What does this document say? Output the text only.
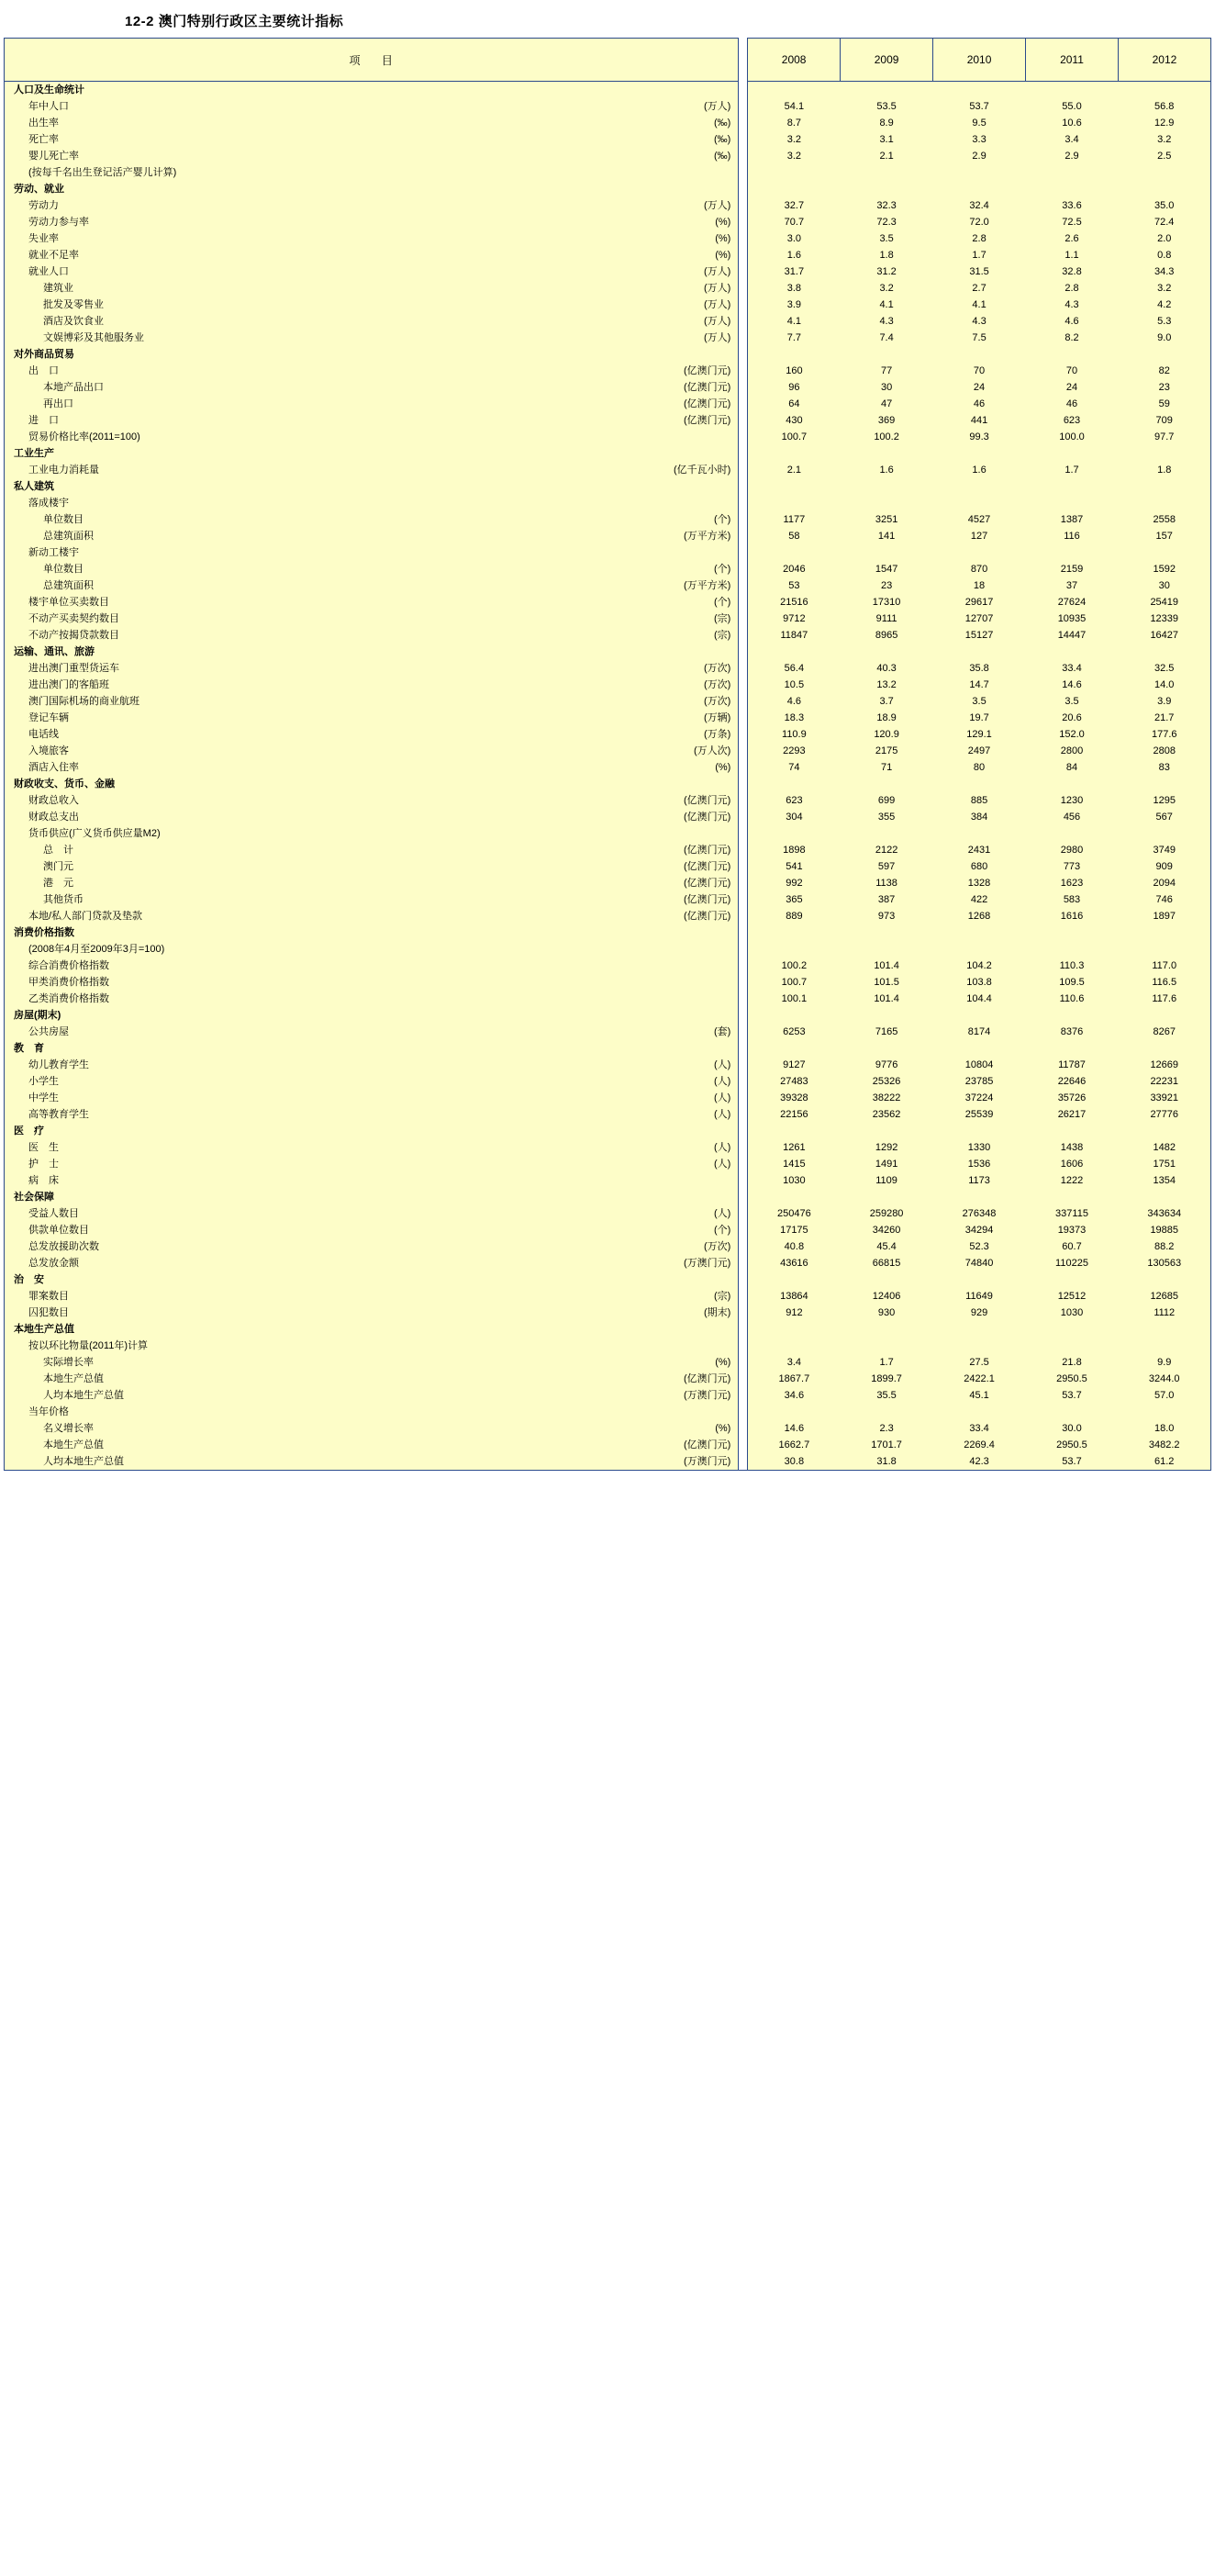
12-2 澳门特别行政区主要统计指标
项 目			2008	2009	2010	2011	2012
人口及生命统计							
年中人口	(万人)		54.1	53.5	53.7	55.0	56.8
出生率	(‰)		8.7	8.9	9.5	10.6	12.9
死亡率	(‰)		3.2	3.1	3.3	3.4	3.2
婴儿死亡率	(‰)		3.2	2.1	2.9	2.9	2.5
(按每千名出生登记活产婴儿计算)							
劳动、就业							
劳动力	(万人)		32.7	32.3	32.4	33.6	35.0
劳动力参与率	(%)		70.7	72.3	72.0	72.5	72.4
失业率	(%)		3.0	3.5	2.8	2.6	2.0
就业不足率	(%)		1.6	1.8	1.7	1.1	0.8
就业人口	(万人)		31.7	31.2	31.5	32.8	34.3
建筑业	(万人)		3.8	3.2	2.7	2.8	3.2
批发及零售业	(万人)		3.9	4.1	4.1	4.3	4.2
酒店及饮食业	(万人)		4.1	4.3	4.3	4.6	5.3
文娱博彩及其他服务业	(万人)		7.7	7.4	7.5	8.2	9.0
对外商品贸易							
出　口	(亿澳门元)		160	77	70	70	82
本地产品出口	(亿澳门元)		96	30	24	24	23
再出口	(亿澳门元)		64	47	46	46	59
进　口	(亿澳门元)		430	369	441	623	709
贸易价格比率(2011=100)			100.7	100.2	99.3	100.0	97.7
工业生产							
工业电力消耗量	(亿千瓦小时)		2.1	1.6	1.6	1.7	1.8
私人建筑							
落成楼宇							
单位数目	(个)		1177	3251	4527	1387	2558
总建筑面积	(万平方米)		58	141	127	116	157
新动工楼宇							
单位数目	(个)		2046	1547	870	2159	1592
总建筑面积	(万平方米)		53	23	18	37	30
楼宇单位买卖数目	(个)		21516	17310	29617	27624	25419
不动产买卖契约数目	(宗)		9712	9111	12707	10935	12339
不动产按揭贷款数目	(宗)		11847	8965	15127	14447	16427
运输、通讯、旅游							
进出澳门重型货运车	(万次)		56.4	40.3	35.8	33.4	32.5
进出澳门的客船班	(万次)		10.5	13.2	14.7	14.6	14.0
澳门国际机场的商业航班	(万次)		4.6	3.7	3.5	3.5	3.9
登记车辆	(万辆)		18.3	18.9	19.7	20.6	21.7
电话线	(万条)		110.9	120.9	129.1	152.0	177.6
入境旅客	(万人次)		2293	2175	2497	2800	2808
酒店入住率	(%)		74	71	80	84	83
财政收支、货币、金融							
财政总收入	(亿澳门元)		623	699	885	1230	1295
财政总支出	(亿澳门元)		304	355	384	456	567
货币供应(广义货币供应量M2)							
总　计	(亿澳门元)		1898	2122	2431	2980	3749
澳门元	(亿澳门元)		541	597	680	773	909
港　元	(亿澳门元)		992	1138	1328	1623	2094
其他货币	(亿澳门元)		365	387	422	583	746
本地/私人部门贷款及垫款	(亿澳门元)		889	973	1268	1616	1897
消费价格指数							
(2008年4月至2009年3月=100)							
综合消费价格指数			100.2	101.4	104.2	110.3	117.0
甲类消费价格指数			100.7	101.5	103.8	109.5	116.5
乙类消费价格指数			100.1	101.4	104.4	110.6	117.6
房屋(期末)							
公共房屋	(套)		6253	7165	8174	8376	8267
教　育							
幼儿教育学生	(人)		9127	9776	10804	11787	12669
小学生	(人)		27483	25326	23785	22646	22231
中学生	(人)		39328	38222	37224	35726	33921
高等教育学生	(人)		22156	23562	25539	26217	27776
医　疗							
医　生	(人)		1261	1292	1330	1438	1482
护　士	(人)		1415	1491	1536	1606	1751
病　床			1030	1109	1173	1222	1354
社会保障							
受益人数目	(人)		250476	259280	276348	337115	343634
供款单位数目	(个)		17175	34260	34294	19373	19885
总发放援助次数	(万次)		40.8	45.4	52.3	60.7	88.2
总发放金额	(万澳门元)		43616	66815	74840	110225	130563
治　安							
罪案数目	(宗)		13864	12406	11649	12512	12685
囚犯数目	(期末)		912	930	929	1030	1112
本地生产总值							
按以环比物量(2011年)计算							
实际增长率	(%)		3.4	1.7	27.5	21.8	9.9
本地生产总值	(亿澳门元)		1867.7	1899.7	2422.1	2950.5	3244.0
人均本地生产总值	(万澳门元)		34.6	35.5	45.1	53.7	57.0
当年价格							
名义增长率	(%)		14.6	2.3	33.4	30.0	18.0
本地生产总值	(亿澳门元)		1662.7	1701.7	2269.4	2950.5	3482.2
人均本地生产总值	(万澳门元)		30.8	31.8	42.3	53.7	61.2
